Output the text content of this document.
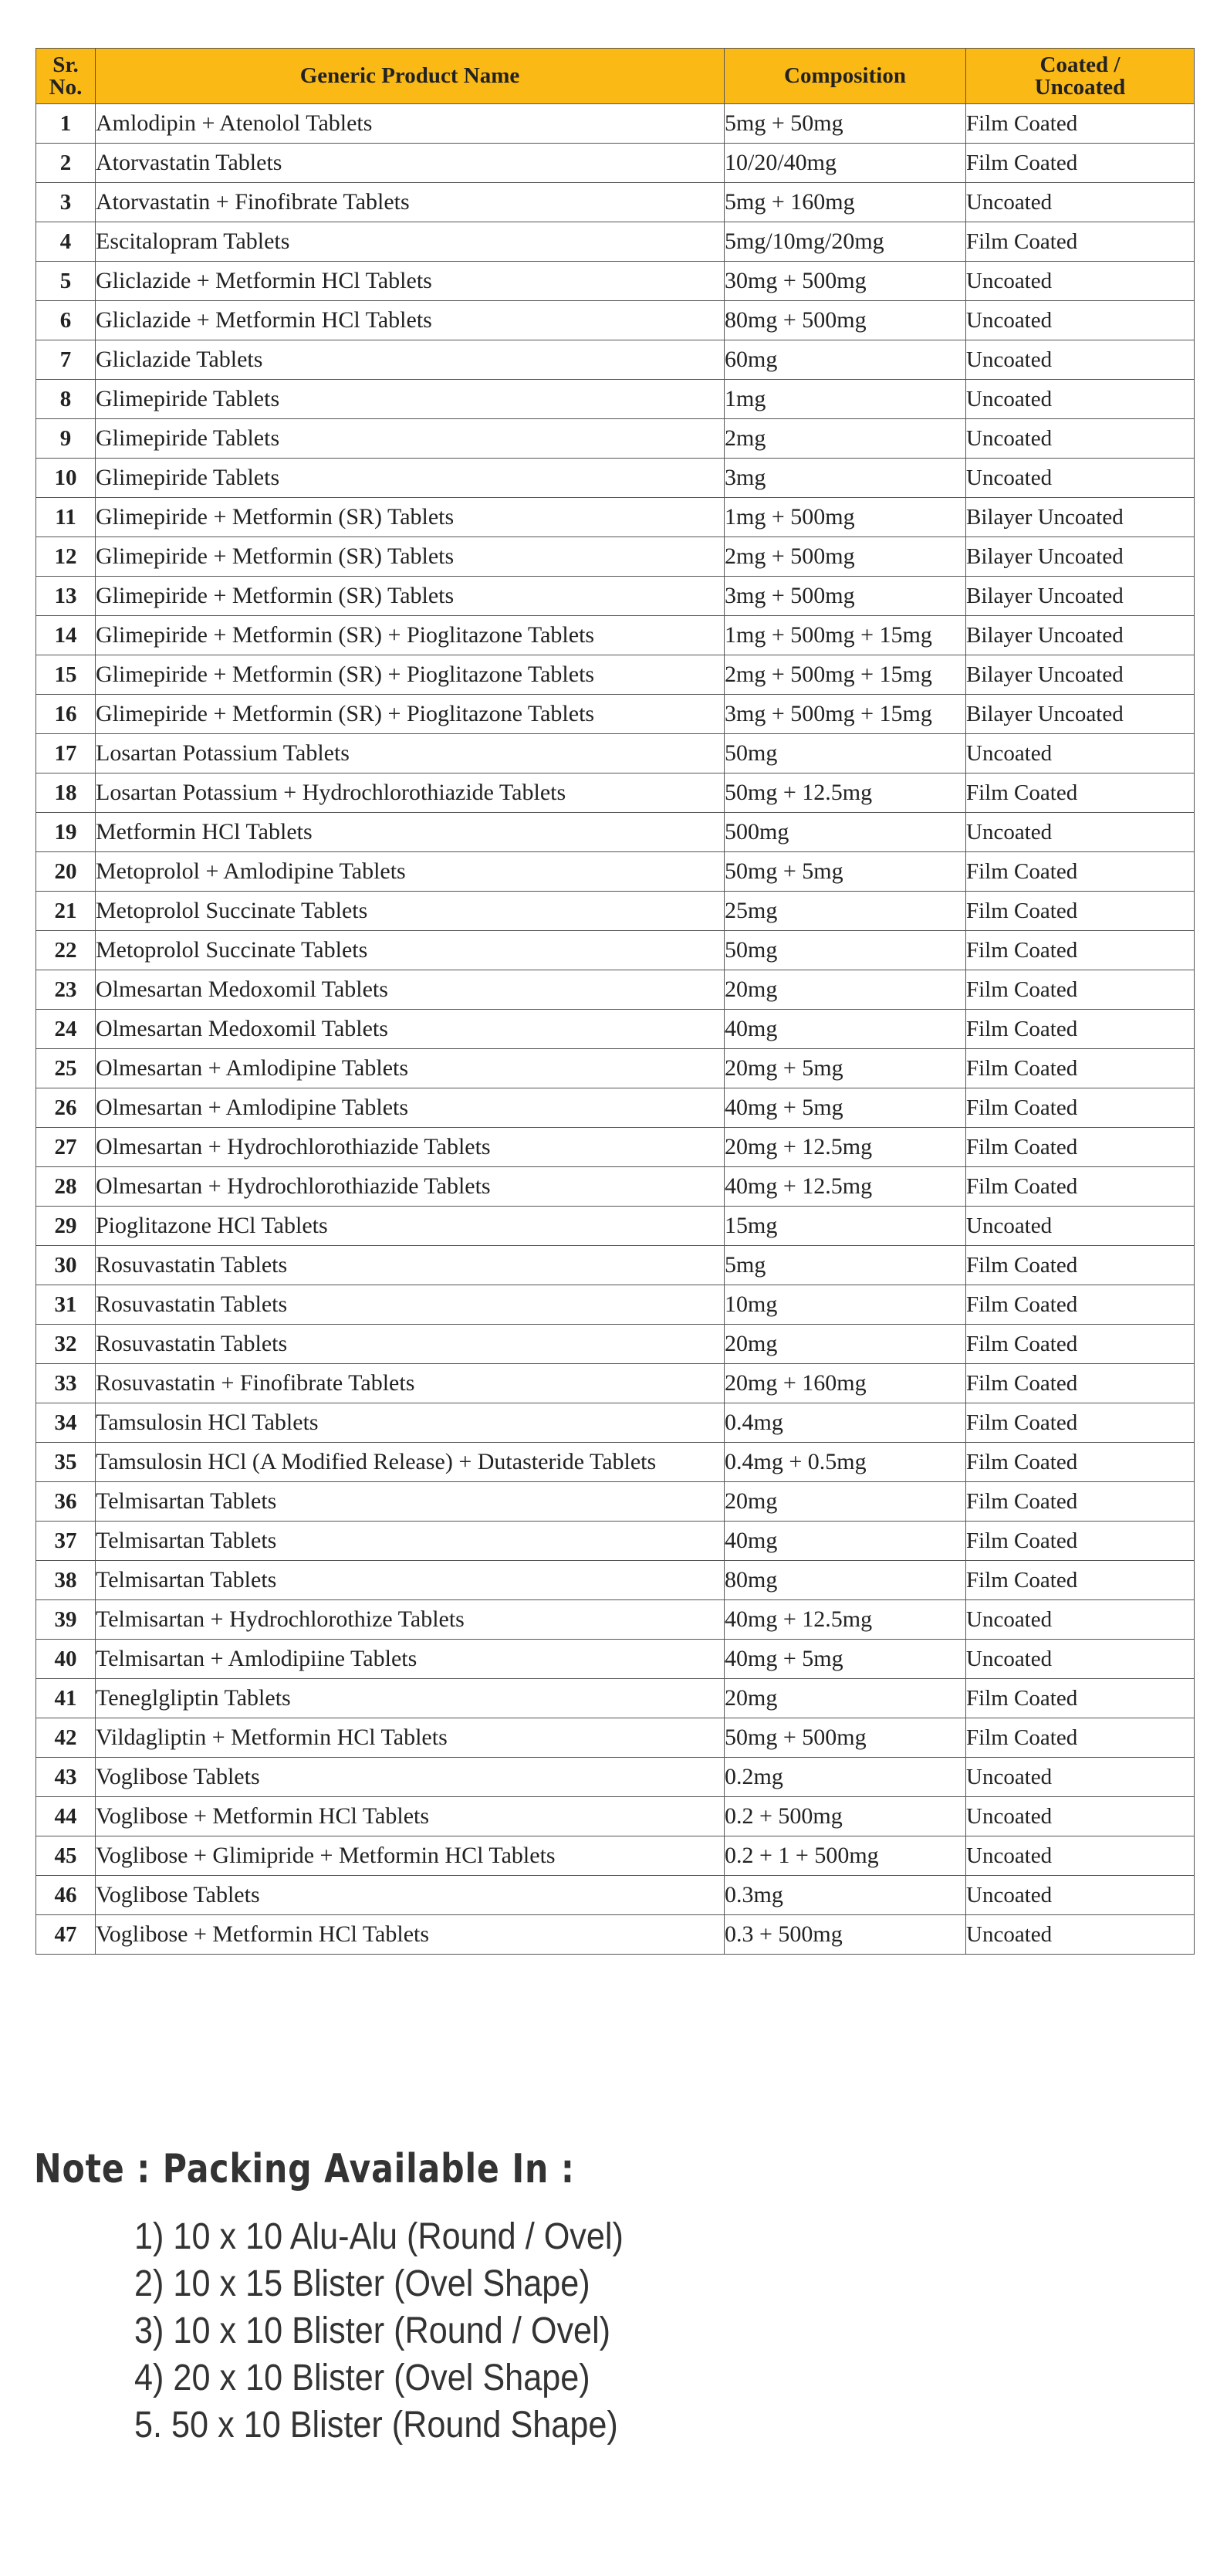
Sr.
No.	Generic Product Name	Composition	Coated /
Uncoated
1	Amlodipin + Atenolol Tablets	5mg + 50mg	Film Coated
2	Atorvastatin Tablets	10/20/40mg	Film Coated
3	Atorvastatin + Finofibrate Tablets	5mg + 160mg	Uncoated
4	Escitalopram Tablets	5mg/10mg/20mg	Film Coated
5	Gliclazide + Metformin HCl Tablets	30mg + 500mg	Uncoated
6	Gliclazide + Metformin HCl Tablets	80mg + 500mg	Uncoated
7	Gliclazide Tablets	60mg	Uncoated
8	Glimepiride Tablets	1mg	Uncoated
9	Glimepiride Tablets	2mg	Uncoated
10	Glimepiride Tablets	3mg	Uncoated
11	Glimepiride + Metformin (SR) Tablets	1mg + 500mg	Bilayer Uncoated
12	Glimepiride + Metformin (SR) Tablets	2mg + 500mg	Bilayer Uncoated
13	Glimepiride + Metformin (SR) Tablets	3mg + 500mg	Bilayer Uncoated
14	Glimepiride + Metformin (SR) + Pioglitazone Tablets	1mg + 500mg + 15mg	Bilayer Uncoated
15	Glimepiride + Metformin (SR) + Pioglitazone Tablets	2mg + 500mg + 15mg	Bilayer Uncoated
16	Glimepiride + Metformin (SR) + Pioglitazone Tablets	3mg + 500mg + 15mg	Bilayer Uncoated
17	Losartan Potassium Tablets	50mg	Uncoated
18	Losartan Potassium + Hydrochlorothiazide Tablets	50mg + 12.5mg	Film Coated
19	Metformin HCl Tablets	500mg	Uncoated
20	Metoprolol + Amlodipine Tablets	50mg + 5mg	Film Coated
21	Metoprolol Succinate Tablets	25mg	Film Coated
22	Metoprolol Succinate Tablets	50mg	Film Coated
23	Olmesartan Medoxomil Tablets	20mg	Film Coated
24	Olmesartan Medoxomil Tablets	40mg	Film Coated
25	Olmesartan + Amlodipine Tablets	20mg + 5mg	Film Coated
26	Olmesartan + Amlodipine Tablets	40mg + 5mg	Film Coated
27	Olmesartan + Hydrochlorothiazide Tablets	20mg + 12.5mg	Film Coated
28	Olmesartan + Hydrochlorothiazide Tablets	40mg + 12.5mg	Film Coated
29	Pioglitazone HCl Tablets	15mg	Uncoated
30	Rosuvastatin Tablets	5mg	Film Coated
31	Rosuvastatin Tablets	10mg	Film Coated
32	Rosuvastatin Tablets	20mg	Film Coated
33	Rosuvastatin + Finofibrate Tablets	20mg + 160mg	Film Coated
34	Tamsulosin HCl Tablets	0.4mg	Film Coated
35	Tamsulosin HCl (A Modified Release) + Dutasteride Tablets	0.4mg + 0.5mg	Film Coated
36	Telmisartan Tablets	20mg	Film Coated
37	Telmisartan Tablets	40mg	Film Coated
38	Telmisartan Tablets	80mg	Film Coated
39	Telmisartan + Hydrochlorothize Tablets	40mg + 12.5mg	Uncoated
40	Telmisartan + Amlodipiine Tablets	40mg + 5mg	Uncoated
41	Teneglgliptin Tablets	20mg	Film Coated
42	Vildagliptin + Metformin HCl Tablets	50mg + 500mg	Film Coated
43	Voglibose Tablets	0.2mg	Uncoated
44	Voglibose + Metformin HCl Tablets	0.2 + 500mg	Uncoated
45	Voglibose + Glimipride + Metformin HCl Tablets	0.2 + 1 + 500mg	Uncoated
46	Voglibose Tablets	0.3mg	Uncoated
47	Voglibose + Metformin HCl Tablets	0.3 + 500mg	Uncoated
Note : Packing Available In :
1) 10 x 10 Alu-Alu (Round / Ovel)
2) 10 x 15 Blister (Ovel Shape)
3) 10 x 10 Blister (Round / Ovel)
4) 20 x 10 Blister (Ovel Shape)
5. 50 x 10 Blister (Round Shape)
